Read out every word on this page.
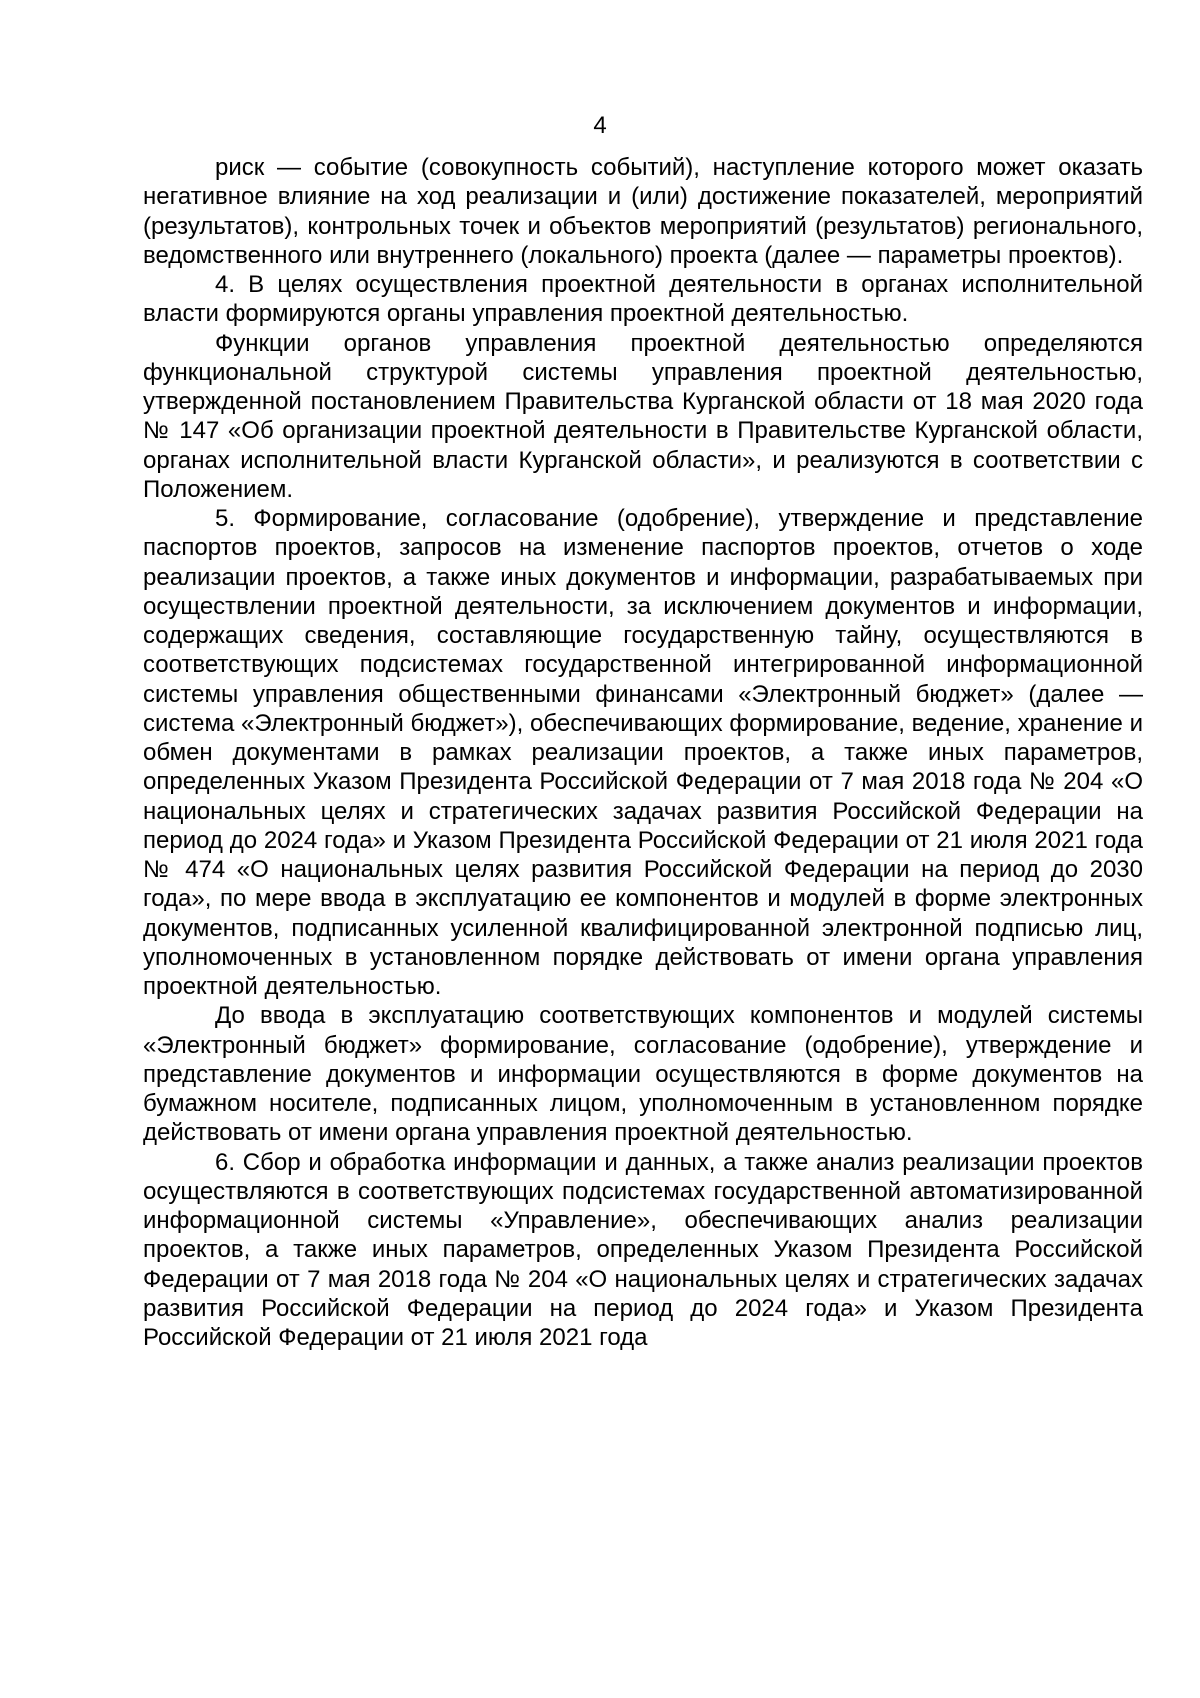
4

риск — событие (совокупность событий), наступление которого может оказать негативное влияние на ход реализации и (или) достижение показателей, мероприятий (результатов), контрольных точек и объектов мероприятий (результатов) регионального, ведомственного или внутреннего (локального) проекта (далее — параметры проектов).

4. В целях осуществления проектной деятельности в органах исполнительной власти формируются органы управления проектной деятельностью.

Функции органов управления проектной деятельностью определяются функциональной структурой системы управления проектной деятельностью, утвержденной постановлением Правительства Курганской области от 18 мая 2020 года № 147 «Об организации проектной деятельности в Правительстве Курганской области, органах исполнительной власти Курганской области», и реализуются в соответствии с Положением.

5. Формирование, согласование (одобрение), утверждение и представление паспортов проектов, запросов на изменение паспортов проектов, отчетов о ходе реализации проектов, а также иных документов и информации, разрабатываемых при осуществлении проектной деятельности, за исключением документов и информации, содержащих сведения, составляющие государственную тайну, осуществляются в соответствующих подсистемах государственной интегрированной информационной системы управления общественными финансами «Электронный бюджет» (далее — система «Электронный бюджет»), обеспечивающих формирование, ведение, хранение и обмен документами в рамках реализации проектов, а также иных параметров, определенных Указом Президента Российской Федерации от 7 мая 2018 года № 204 «О национальных целях и стратегических задачах развития Российской Федерации на период до 2024 года» и Указом Президента Российской Федерации от 21 июля 2021 года № 474 «О национальных целях развития Российской Федерации на период до 2030 года», по мере ввода в эксплуатацию ее компонентов и модулей в форме электронных документов, подписанных усиленной квалифицированной электронной подписью лиц, уполномоченных в установленном порядке действовать от имени органа управления проектной деятельностью.

До ввода в эксплуатацию соответствующих компонентов и модулей системы «Электронный бюджет» формирование, согласование (одобрение), утверждение и представление документов и информации осуществляются в форме документов на бумажном носителе, подписанных лицом, уполномоченным в установленном порядке действовать от имени органа управления проектной деятельностью.

6. Сбор и обработка информации и данных, а также анализ реализации проектов осуществляются в соответствующих подсистемах государственной автоматизированной информационной системы «Управление», обеспечивающих анализ реализации проектов, а также иных параметров, определенных Указом Президента Российской Федерации от 7 мая 2018 года № 204 «О национальных целях и стратегических задачах развития Российской Федерации на период до 2024 года» и Указом Президента Российской Федерации от 21 июля 2021 года
